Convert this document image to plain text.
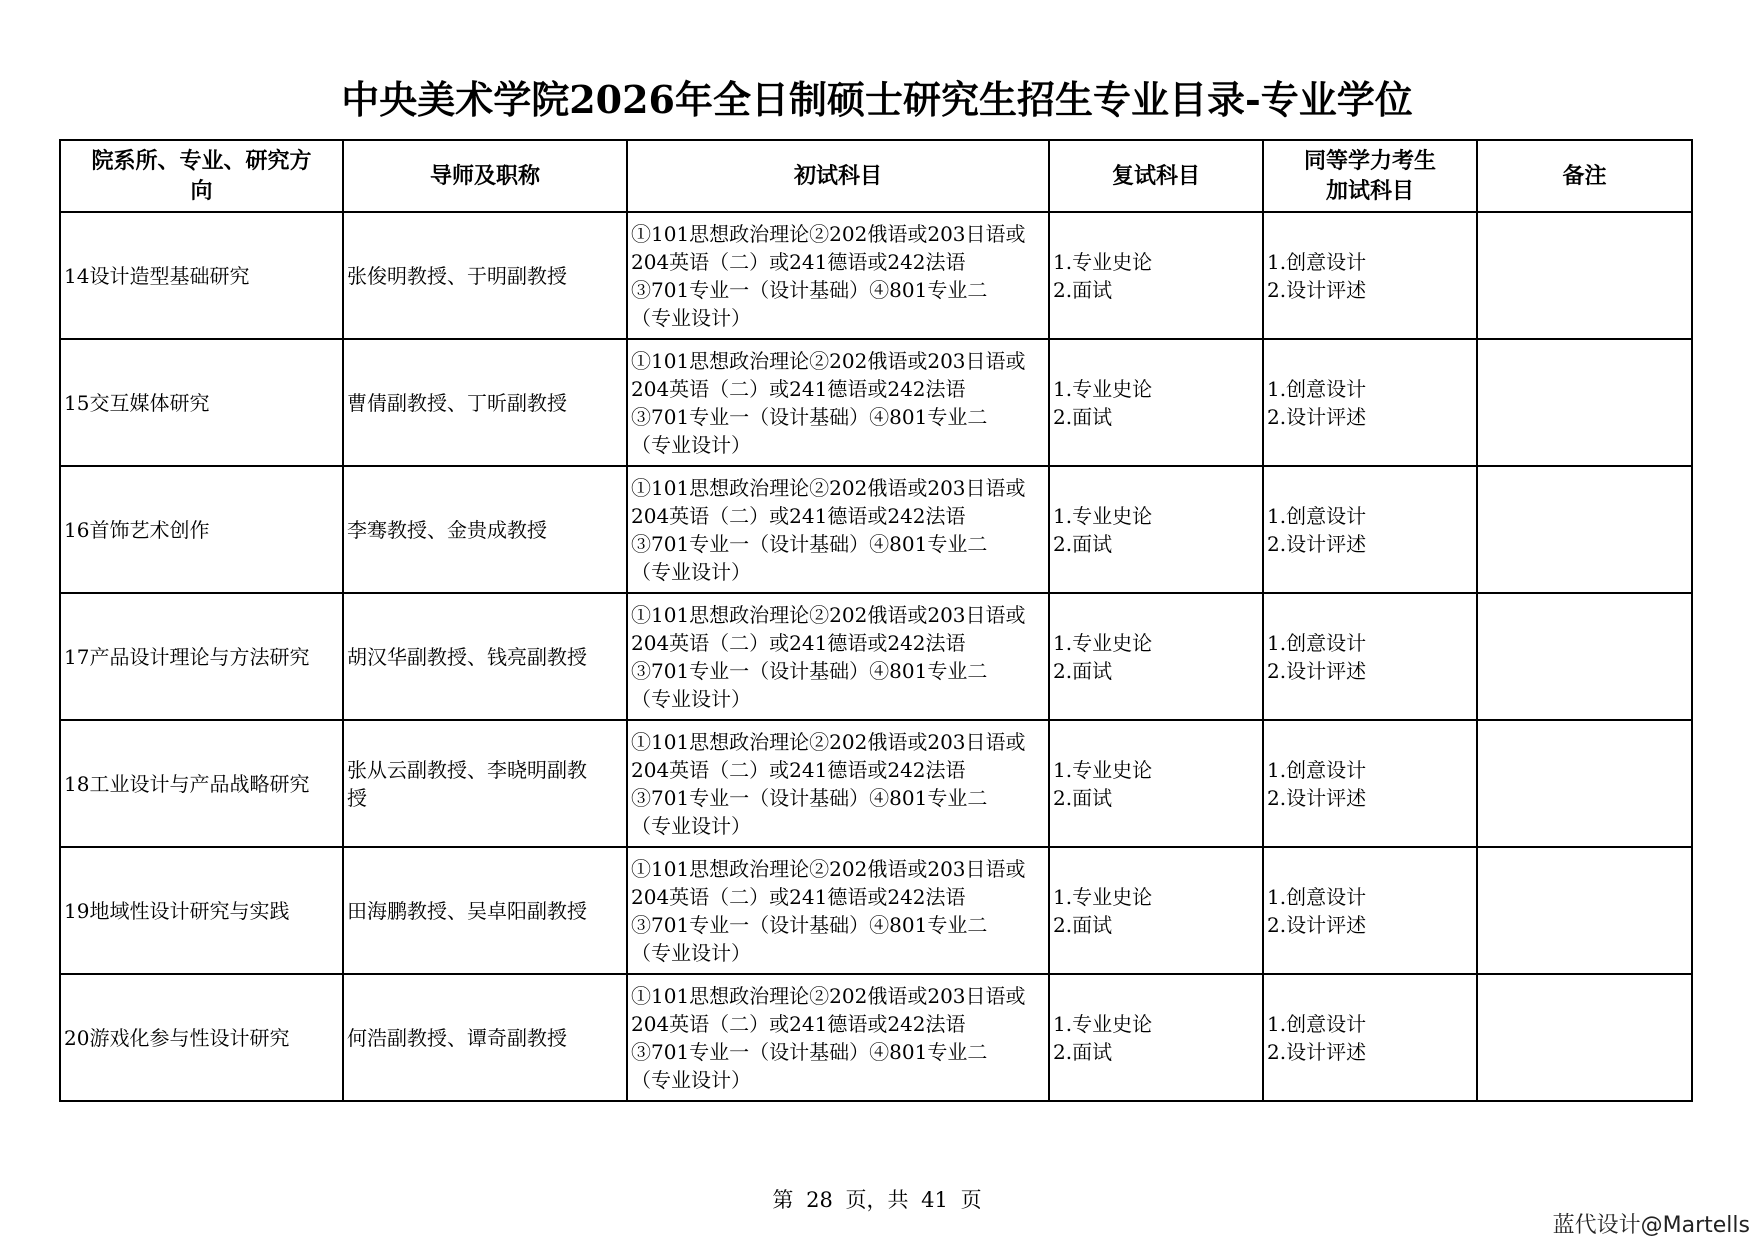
中央美术学院2026年全日制硕士研究生招生专业目录-专业学位
院系所、专业、研究方
向	导师及职称	初试科目	复试科目	同等学力考生
加试科目	备注

14设计造型基础研究	张俊明教授、于明副教授	①101思想政治理论②202俄语或203日语或
204英语（二）或241德语或242法语
③701专业一（设计基础）④801专业二
（专业设计）	1.专业史论
2.面试	1.创意设计
2.设计评述	

15交互媒体研究	曹倩副教授、丁昕副教授	①101思想政治理论②202俄语或203日语或
204英语（二）或241德语或242法语
③701专业一（设计基础）④801专业二
（专业设计）	1.专业史论
2.面试	1.创意设计
2.设计评述	

16首饰艺术创作	李骞教授、金贵成教授	①101思想政治理论②202俄语或203日语或
204英语（二）或241德语或242法语
③701专业一（设计基础）④801专业二
（专业设计）	1.专业史论
2.面试	1.创意设计
2.设计评述	

17产品设计理论与方法研究	胡汉华副教授、钱亮副教授	①101思想政治理论②202俄语或203日语或
204英语（二）或241德语或242法语
③701专业一（设计基础）④801专业二
（专业设计）	1.专业史论
2.面试	1.创意设计
2.设计评述	

18工业设计与产品战略研究	张从云副教授、李晓明副教
授	①101思想政治理论②202俄语或203日语或
204英语（二）或241德语或242法语
③701专业一（设计基础）④801专业二
（专业设计）	1.专业史论
2.面试	1.创意设计
2.设计评述	

19地域性设计研究与实践	田海鹏教授、吴卓阳副教授	①101思想政治理论②202俄语或203日语或
204英语（二）或241德语或242法语
③701专业一（设计基础）④801专业二
（专业设计）	1.专业史论
2.面试	1.创意设计
2.设计评述	

20游戏化参与性设计研究	何浩副教授、谭奇副教授	①101思想政治理论②202俄语或203日语或
204英语（二）或241德语或242法语
③701专业一（设计基础）④801专业二
（专业设计）	1.专业史论
2.面试	1.创意设计
2.设计评述	

第 28 页，共 41 页
蓝代设计@Martells
